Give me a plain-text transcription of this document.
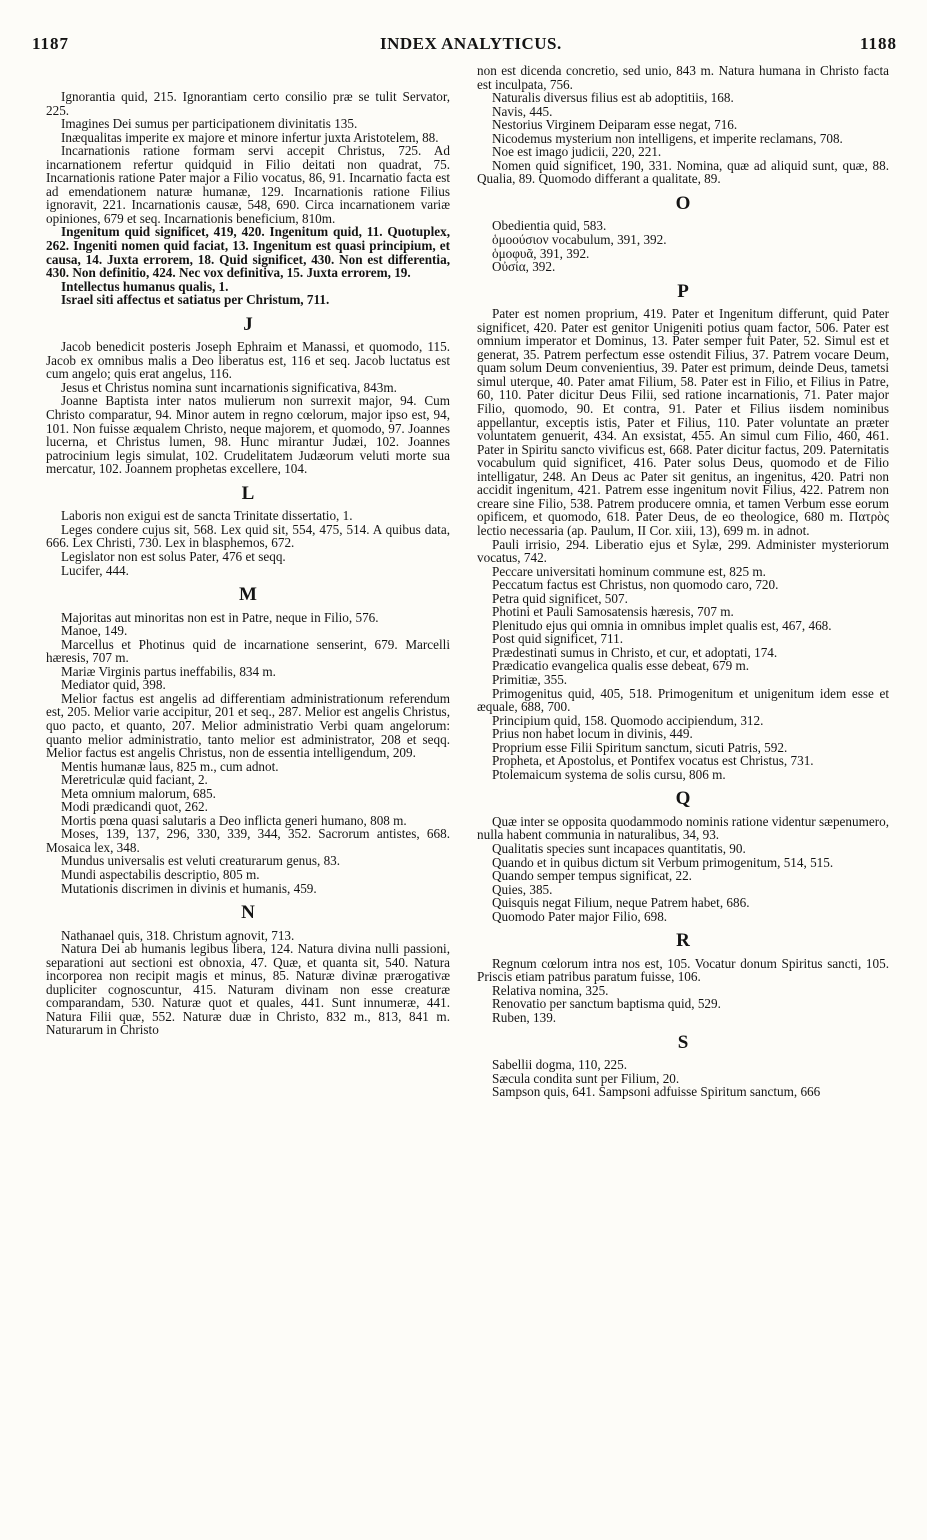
1187	INDEX ANALYTICUS.	1188

Ignorantia quid, 215. Ignorantiam certo consilio præ se tulit Servator, 225.

Imagines Dei sumus per participationem divinitatis 135.

Inæqualitas imperite ex majore et minore infertur juxta Aristotelem, 88.

Incarnationis ratione formam servi accepit Christus, 725. Ad incarnationem refertur quidquid in Filio deitati non quadrat, 75. Incarnationis ratione Pater major a Filio vocatus, 86, 91. Incarnatio facta est ad emendationem naturæ humanæ, 129. Incarnationis ratione Filius ignoravit, 221. Incarnationis causæ, 548, 690. Circa incarnationem variæ opiniones, 679 et seq. Incarnationis beneficium, 810m.

Ingenitum quid significet, 419, 420. Ingenitum quid, 11. Quotuplex, 262. Ingeniti nomen quid faciat, 13. Ingenitum est quasi principium, et causa, 14. Juxta errorem, 18. Quid significet, 430. Non est differentia, 430. Non definitio, 424. Nec vox definitiva, 15. Juxta errorem, 19.

Intellectus humanus qualis, 1.

Israel siti affectus et satiatus per Christum, 711.

J

Jacob benedicit posteris Joseph Ephraim et Manassi, et quomodo, 115. Jacob ex omnibus malis a Deo liberatus est, 116 et seq. Jacob luctatus est cum angelo; quis erat angelus, 116.

Jesus et Christus nomina sunt incarnationis significativa, 843m.

Joanne Baptista inter natos mulierum non surrexit major, 94. Cum Christo comparatur, 94. Minor autem in regno cœlorum, major ipso est, 94, 101. Non fuisse æqualem Christo, neque majorem, et quomodo, 97. Joannes lucerna, et Christus lumen, 98. Hunc mirantur Judæi, 102. Joannes patrocinium legis simulat, 102. Crudelitatem Judæorum veluti morte sua mercatur, 102. Joannem prophetas excellere, 104.

L

Laboris non exigui est de sancta Trinitate dissertatio, 1.

Leges condere cujus sit, 568. Lex quid sit, 554, 475, 514. A quibus data, 666. Lex Christi, 730. Lex in blasphemos, 672.

Legislator non est solus Pater, 476 et seqq.

Lucifer, 444.

M

Majoritas aut minoritas non est in Patre, neque in Filio, 576.

Manoe, 149.

Marcellus et Photinus quid de incarnatione senserint, 679. Marcelli hæresis, 707 m.

Mariæ Virginis partus ineffabilis, 834 m.

Mediator quid, 398.

Melior factus est angelis ad differentiam administrationum referendum est, 205. Melior varie accipitur, 201 et seq., 287. Melior est angelis Christus, quo pacto, et quanto, 207. Melior administratio Verbi quam angelorum: quanto melior administratio, tanto melior est administrator, 208 et seqq. Melior factus est angelis Christus, non de essentia intelligendum, 209.

Mentis humanæ laus, 825 m., cum adnot.

Meretriculæ quid faciant, 2.

Meta omnium malorum, 685.

Modi prædicandi quot, 262.

Mortis pœna quasi salutaris a Deo inflicta generi humano, 808 m.

Moses, 139, 137, 296, 330, 339, 344, 352. Sacrorum antistes, 668. Mosaica lex, 348.

Mundus universalis est veluti creaturarum genus, 83.

Mundi aspectabilis descriptio, 805 m.

Mutationis discrimen in divinis et humanis, 459.

N

Nathanael quis, 318. Christum agnovit, 713.

Natura Dei ab humanis legibus libera, 124. Natura divina nulli passioni, separationi aut sectioni est obnoxia, 47. Quæ, et quanta sit, 540. Natura incorporea non recipit magis et minus, 85. Naturæ divinæ prærogativæ dupliciter cognoscuntur, 415. Naturam divinam non esse creaturæ comparandam, 530. Naturæ quot et quales, 441. Sunt innumeræ, 441. Natura Filii quæ, 552. Naturæ duæ in Christo, 832 m., 813, 841 m. Naturarum in Christo

non est dicenda concretio, sed unio, 843 m. Natura humana in Christo facta est inculpata, 756.

Naturalis diversus filius est ab adoptitiis, 168.

Navis, 445.

Nestorius Virginem Deiparam esse negat, 716.

Nicodemus mysterium non intelligens, et imperite reclamans, 708.

Noe est imago judicii, 220, 221.

Nomen quid significet, 190, 331. Nomina, quæ ad aliquid sunt, quæ, 88. Qualia, 89. Quomodo differant a qualitate, 89.

O

Obedientia quid, 583.

ὁμοούσιον vocabulum, 391, 392.

ὁμοφυᾶ, 391, 392.

Οὐσία, 392.

P

Pater est nomen proprium, 419. Pater et Ingenitum differunt, quid Pater significet, 420. Pater est genitor Unigeniti potius quam factor, 506. Pater est omnium imperator et Dominus, 13. Pater semper fuit Pater, 52. Simul est et generat, 35. Patrem perfectum esse ostendit Filius, 37. Patrem vocare Deum, quam solum Deum convenientius, 39. Pater est primum, deinde Deus, tametsi simul uterque, 40. Pater amat Filium, 58. Pater est in Filio, et Filius in Patre, 60, 110. Pater dicitur Deus Filii, sed ratione incarnationis, 71. Pater major Filio, quomodo, 90. Et contra, 91. Pater et Filius iisdem nominibus appellantur, exceptis istis, Pater et Filius, 110. Pater voluntate an præter voluntatem genuerit, 434. An exsistat, 455. An simul cum Filio, 460, 461. Pater in Spiritu sancto vivificus est, 668. Pater dicitur factus, 209. Paternitatis vocabulum quid significet, 416. Pater solus Deus, quomodo et de Filio intelligatur, 248. An Deus ac Pater sit genitus, an ingenitus, 420. Patri non accidit ingenitum, 421. Patrem esse ingenitum novit Filius, 422. Patrem non creare sine Filio, 538. Patrem producere omnia, et tamen Verbum esse eorum opificem, et quomodo, 618. Pater Deus, de eo theologice, 680 m. Πατρὸς lectio necessaria (ap. Paulum, II Cor. xiii, 13), 699 m. in adnot.

Pauli irrisio, 294. Liberatio ejus et Sylæ, 299. Administer mysteriorum vocatus, 742.

Peccare universitati hominum commune est, 825 m.

Peccatum factus est Christus, non quomodo caro, 720.

Petra quid significet, 507.

Photini et Pauli Samosatensis hæresis, 707 m.

Plenitudo ejus qui omnia in omnibus implet qualis est, 467, 468.

Post quid significet, 711.

Prædestinati sumus in Christo, et cur, et adoptati, 174.

Prædicatio evangelica qualis esse debeat, 679 m.

Primitiæ, 355.

Primogenitus quid, 405, 518. Primogenitum et unigenitum idem esse et æquale, 688, 700.

Principium quid, 158. Quomodo accipiendum, 312.

Prius non habet locum in divinis, 449.

Proprium esse Filii Spiritum sanctum, sicuti Patris, 592.

Propheta, et Apostolus, et Pontifex vocatus est Christus, 731.

Ptolemaicum systema de solis cursu, 806 m.

Q

Quæ inter se opposita quodammodo nominis ratione videntur sæpenumero, nulla habent communia in naturalibus, 34, 93.

Qualitatis species sunt incapaces quantitatis, 90.

Quando et in quibus dictum sit Verbum primogenitum, 514, 515.

Quando semper tempus significat, 22.

Quies, 385.

Quisquis negat Filium, neque Patrem habet, 686.

Quomodo Pater major Filio, 698.

R

Regnum cœlorum intra nos est, 105. Vocatur donum Spiritus sancti, 105. Priscis etiam patribus paratum fuisse, 106.

Relativa nomina, 325.

Renovatio per sanctum baptisma quid, 529.

Ruben, 139.

S

Sabellii dogma, 110, 225.

Sæcula condita sunt per Filium, 20.

Sampson quis, 641. Sampsoni adfuisse Spiritum sanctum, 666
